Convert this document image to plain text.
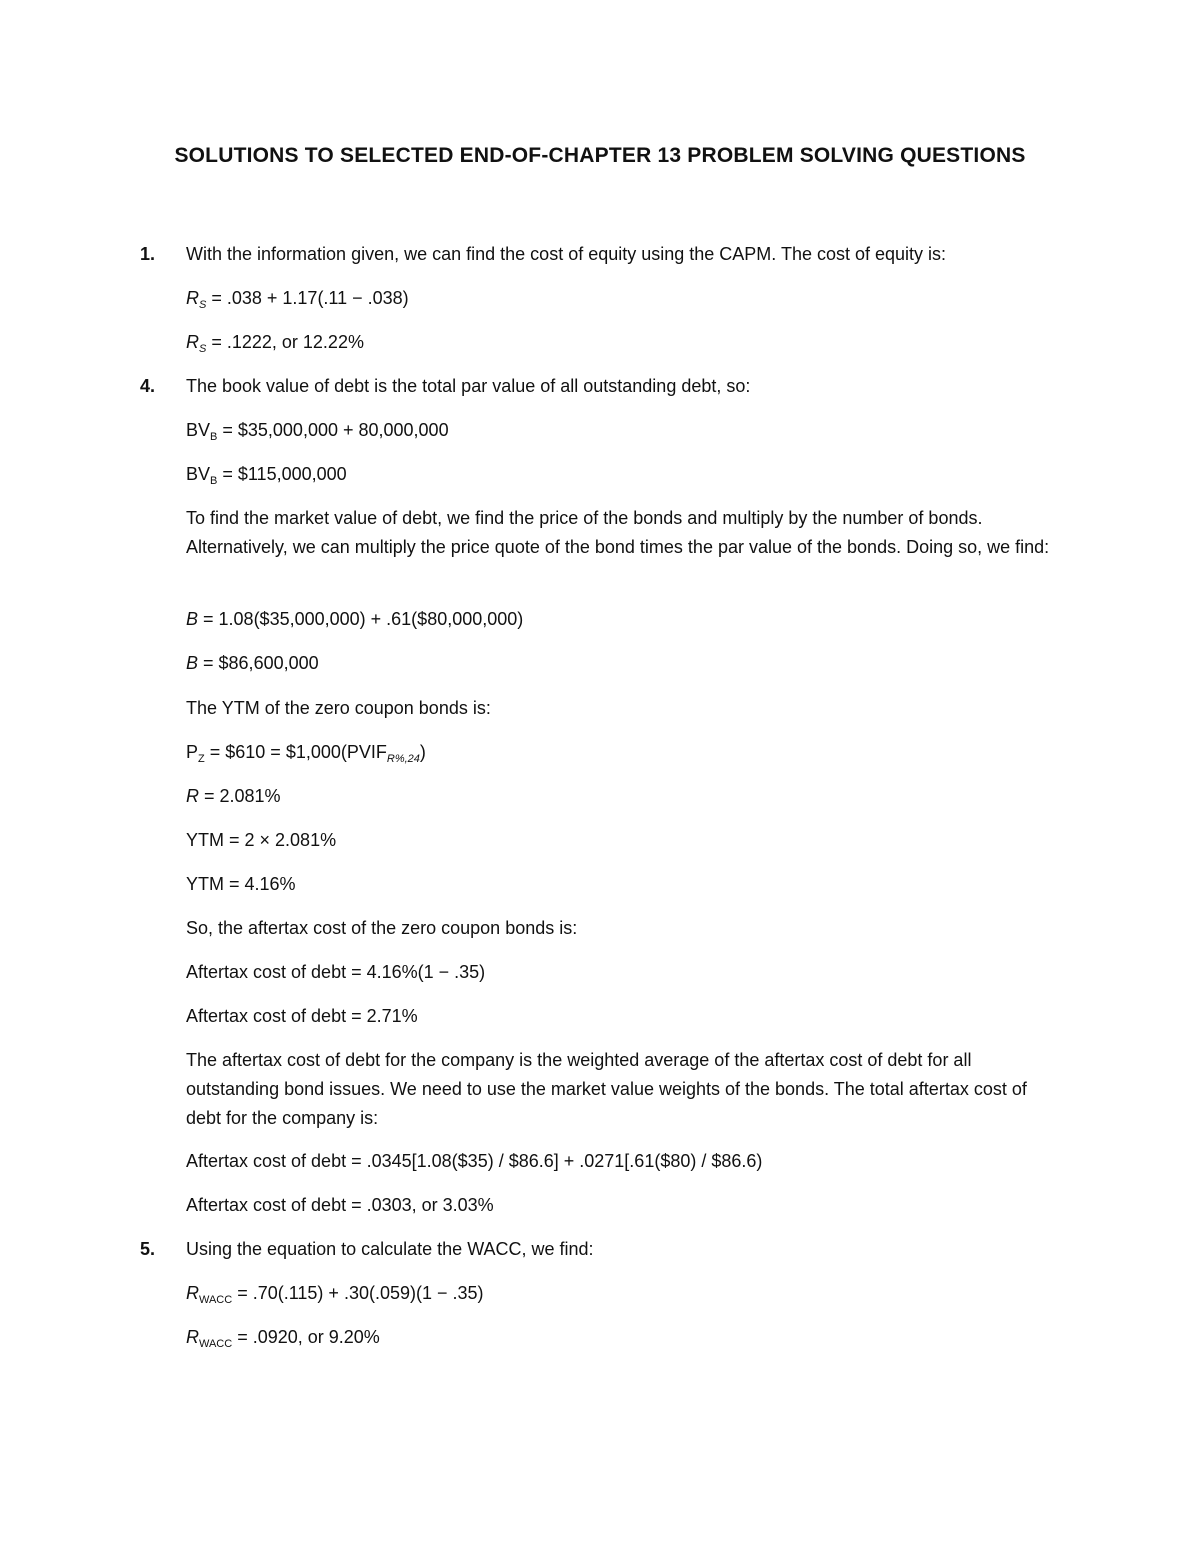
SOLUTIONS TO SELECTED END-OF-CHAPTER 13 PROBLEM SOLVING QUESTIONS
1. With the information given, we can find the cost of equity using the CAPM. The cost of equity is:
$R_S = .038 + 1.17(.11 - .038)$
$R_S = .1222$, or 12.22%
4. The book value of debt is the total par value of all outstanding debt, so:
$BV_B$ = $35,000,000 + 80,000,000
$BV_B$ = $115,000,000
To find the market value of debt, we find the price of the bonds and multiply by the number of bonds. Alternatively, we can multiply the price quote of the bond times the par value of the bonds. Doing so, we find:
B = 1.08($35,000,000) + .61($80,000,000)
B = $86,600,000
The YTM of the zero coupon bonds is:
$P_Z$ = $610 = $\$1,000(PVIF_{R\%,24})$
R = 2.081%
YTM = 2 × 2.081%
YTM = 4.16%
So, the aftertax cost of the zero coupon bonds is:
Aftertax cost of debt = 4.16%(1 − .35)
Aftertax cost of debt = 2.71%
The aftertax cost of debt for the company is the weighted average of the aftertax cost of debt for all outstanding bond issues. We need to use the market value weights of the bonds. The total aftertax cost of debt for the company is:
Aftertax cost of debt = .0345[1.08($35) / $86.6] + .0271[.61($80) / $86.6)
Aftertax cost of debt = .0303, or 3.03%
5. Using the equation to calculate the WACC, we find:
$R_{WACC} = .70(.115) + .30(.059)(1 - .35)$
$R_{WACC} = .0920$, or 9.20%
